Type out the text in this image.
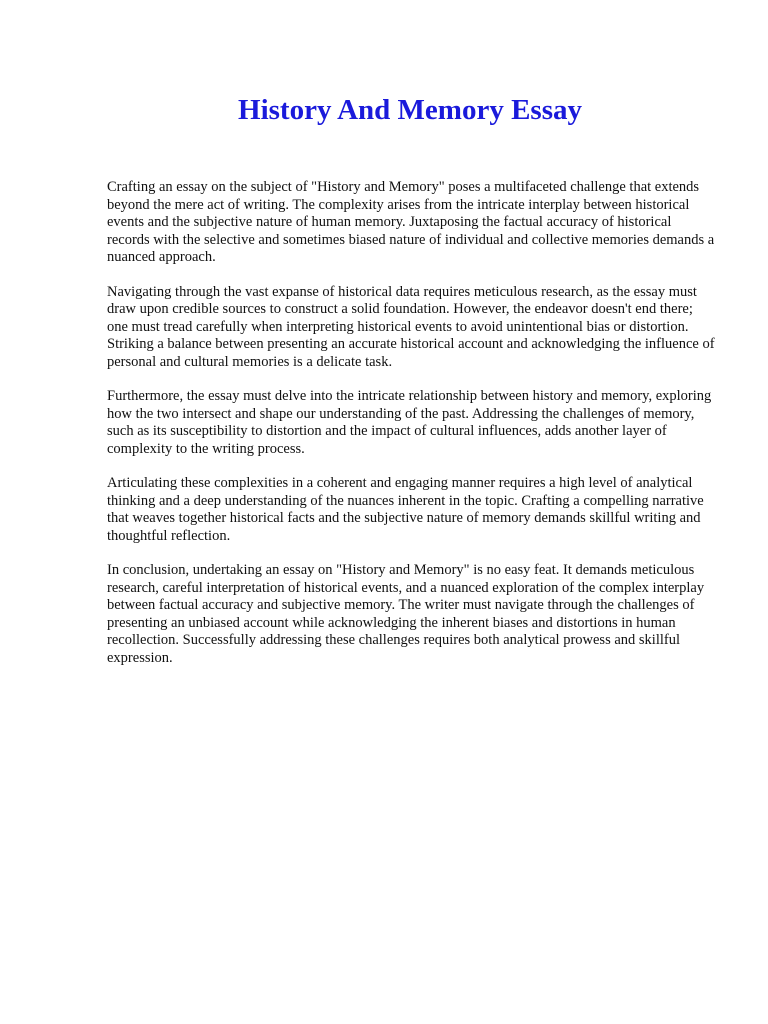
History And Memory Essay

Crafting an essay on the subject of "History and Memory" poses a multifaceted challenge that extends beyond the mere act of writing. The complexity arises from the intricate interplay between historical events and the subjective nature of human memory. Juxtaposing the factual accuracy of historical records with the selective and sometimes biased nature of individual and collective memories demands a nuanced approach.

Navigating through the vast expanse of historical data requires meticulous research, as the essay must draw upon credible sources to construct a solid foundation. However, the endeavor doesn't end there; one must tread carefully when interpreting historical events to avoid unintentional bias or distortion. Striking a balance between presenting an accurate historical account and acknowledging the influence of personal and cultural memories is a delicate task.

Furthermore, the essay must delve into the intricate relationship between history and memory, exploring how the two intersect and shape our understanding of the past. Addressing the challenges of memory, such as its susceptibility to distortion and the impact of cultural influences, adds another layer of complexity to the writing process.

Articulating these complexities in a coherent and engaging manner requires a high level of analytical thinking and a deep understanding of the nuances inherent in the topic. Crafting a compelling narrative that weaves together historical facts and the subjective nature of memory demands skillful writing and thoughtful reflection.

In conclusion, undertaking an essay on "History and Memory" is no easy feat. It demands meticulous research, careful interpretation of historical events, and a nuanced exploration of the complex interplay between factual accuracy and subjective memory. The writer must navigate through the challenges of presenting an unbiased account while acknowledging the inherent biases and distortions in human recollection. Successfully addressing these challenges requires both analytical prowess and skillful expression.
